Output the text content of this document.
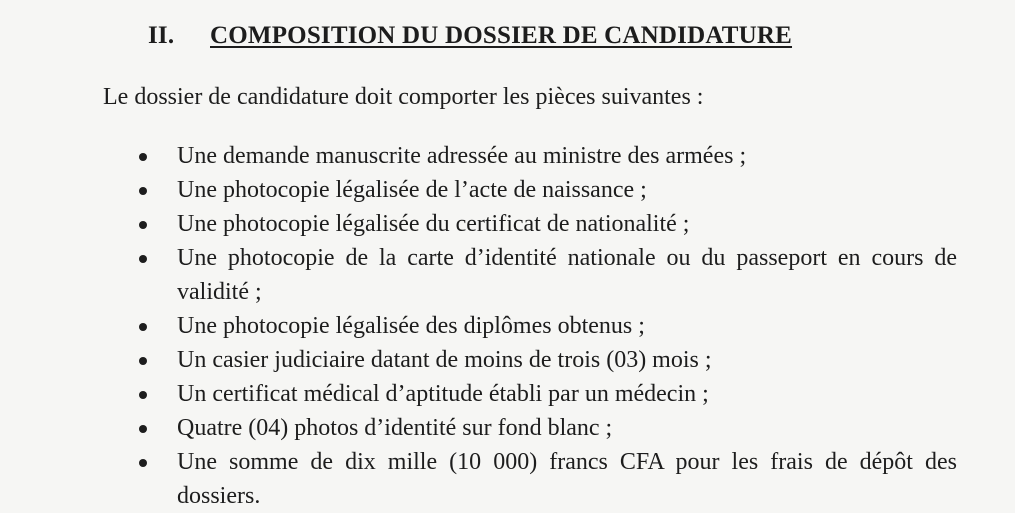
II. COMPOSITION DU DOSSIER DE CANDIDATURE
Le dossier de candidature doit comporter les pièces suivantes :
Une demande manuscrite adressée au ministre des armées ;
Une photocopie légalisée de l’acte de naissance ;
Une photocopie légalisée du certificat de nationalité ;
Une photocopie de la carte d’identité nationale ou du passeport en cours de validité ;
Une photocopie légalisée des diplômes obtenus ;
Un casier judiciaire datant de moins de trois (03) mois ;
Un certificat médical d’aptitude établi par un médecin ;
Quatre (04) photos d’identité sur fond blanc ;
Une somme de dix mille (10 000) francs CFA pour les frais de dépôt des dossiers.
